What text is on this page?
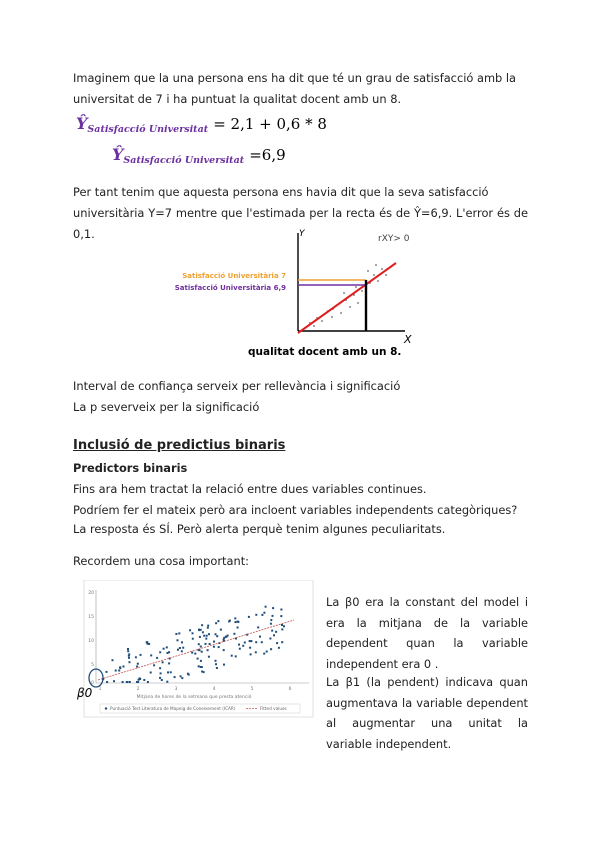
Imaginem que la una persona ens ha dit que té un grau de satisfacció amb la
universitat de 7 i ha puntuat la qualitat docent amb un 8.
$Ŷ_{Satisfacció Universitat} = 2,1 + 0,6 * 8$
$Ŷ_{Satisfacció Universitat} =6,9$
Per tant tenim que aquesta persona ens havia dit que la seva satisfacció
universitària Y=7 mentre que l'estimada per la recta és de Ŷ=6,9. L'error és de 0,1.	Y
X
rXY> 0
Satisfacció Universitària 7
Satisfacció Universitària 6,9
qualitat docent amb un 8.
Interval de confiança serveix per rellevància i significació
La p severveix per la significació
Inclusió de predictius binaris
Predictors binaris
Fins ara hem tractat la relació entre dues variables continues.
Podríem fer el mateix però ara incloent variables independents categòriques?
La resposta és SÍ. Però alerta perquè tenim algunes peculiaritats.
Recordem una cosa important:
20
15
10
5
0
1	2	3	4	5	6
Mitjana de hores de la setmana que presta atenció
β0
Puntuació Test Literatura de Mapeig de Coneixement (ICAR)	Fitted values
La β0 era la constant del model i era la mitjana de la variable dependent quan la variable independent era 0 .
La β1 (la pendent) indicava quan augmentava la variable dependent al augmentar una unitat la variable independent.
